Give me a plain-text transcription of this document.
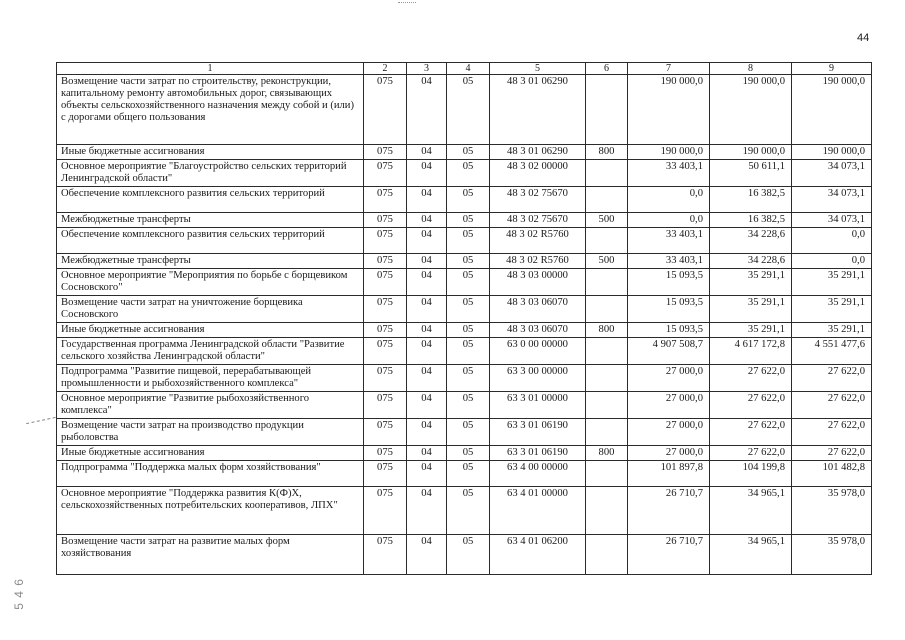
44
5 4 6
1	2	3	4	5	6	7	8	9
Возмещение части затрат по строительству, реконструкции, капитальному ремонту автомобильных дорог, связывающих объекты сельскохозяйственного назначения между собой и (или) с дорогами общего пользования	075	04	05	48 3 01 06290		190 000,0	190 000,0	190 000,0
Иные бюджетные ассигнования	075	04	05	48 3 01 06290	800	190 000,0	190 000,0	190 000,0
Основное мероприятие "Благоустройство сельских территорий Ленинградской области"	075	04	05	48 3 02 00000		33 403,1	50 611,1	34 073,1
Обеспечение комплексного развития сельских территорий	075	04	05	48 3 02 75670		0,0	16 382,5	34 073,1
Межбюджетные трансферты	075	04	05	48 3 02 75670	500	0,0	16 382,5	34 073,1
Обеспечение комплексного развития сельских территорий	075	04	05	48 3 02 R5760		33 403,1	34 228,6	0,0
Межбюджетные трансферты	075	04	05	48 3 02 R5760	500	33 403,1	34 228,6	0,0
Основное мероприятие "Мероприятия по борьбе с борщевиком Сосновского"	075	04	05	48 3 03 00000		15 093,5	35 291,1	35 291,1
Возмещение части затрат на уничтожение борщевика Сосновского	075	04	05	48 3 03 06070		15 093,5	35 291,1	35 291,1
Иные бюджетные ассигнования	075	04	05	48 3 03 06070	800	15 093,5	35 291,1	35 291,1
Государственная программа Ленинградской области "Развитие сельского хозяйства Ленинградской области"	075	04	05	63 0 00 00000		4 907 508,7	4 617 172,8	4 551 477,6
Подпрограмма "Развитие пищевой, перерабатывающей промышленности и рыбохозяйственного комплекса"	075	04	05	63 3 00 00000		27 000,0	27 622,0	27 622,0
Основное мероприятие "Развитие рыбохозяйственного комплекса"	075	04	05	63 3 01 00000		27 000,0	27 622,0	27 622,0
Возмещение части затрат на производство продукции рыболовства	075	04	05	63 3 01 06190		27 000,0	27 622,0	27 622,0
Иные бюджетные ассигнования	075	04	05	63 3 01 06190	800	27 000,0	27 622,0	27 622,0
Подпрограмма "Поддержка малых форм хозяйствования"	075	04	05	63 4 00 00000		101 897,8	104 199,8	101 482,8
Основное мероприятие "Поддержка развития К(Ф)Х, сельскохозяйственных потребительских кооперативов, ЛПХ"	075	04	05	63 4 01 00000		26 710,7	34 965,1	35 978,0
Возмещение части затрат на развитие малых форм хозяйствования	075	04	05	63 4 01 06200		26 710,7	34 965,1	35 978,0
